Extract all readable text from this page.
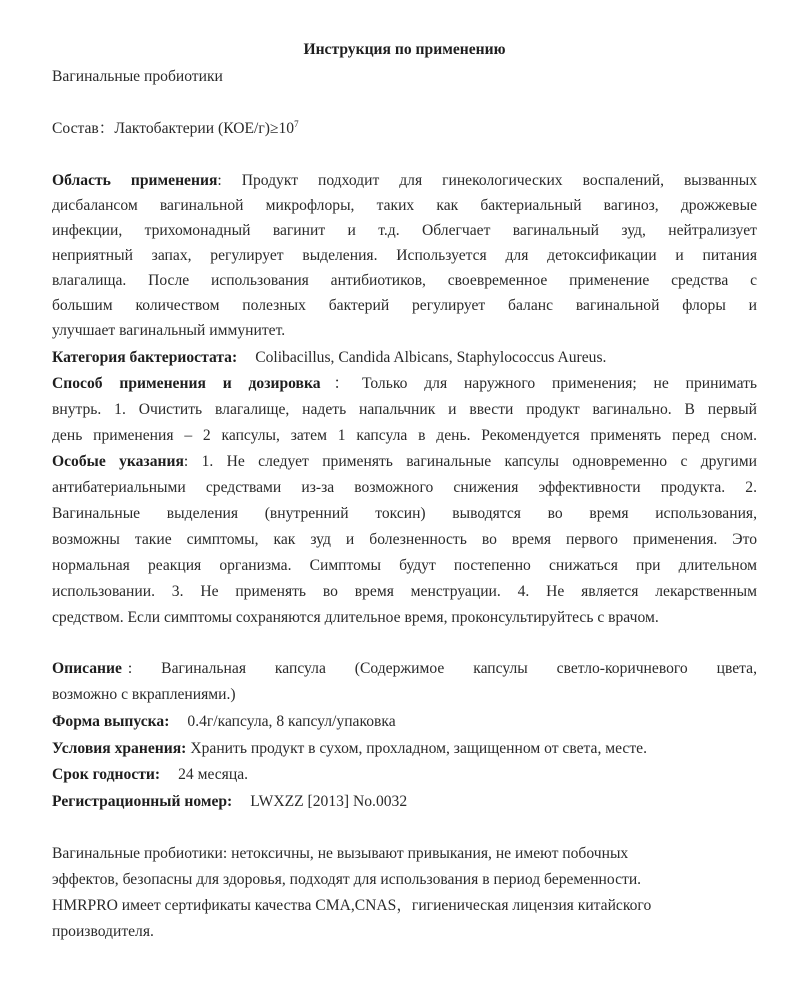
Инструкция по применению
Вагинальные пробиотики
Состав：Лактобактерии $(КОЕ/г)\ge 10^7$
Область применения: Продукт подходит для гинекологических воспалений, вызванных
дисбалансом вагинальной микрофлоры, таких как бактериальный вагиноз, дрожжевые
инфекции, трихомонадный вагинит и т.д. Облегчает вагинальный зуд, нейтрализует
неприятный запах, регулирует выделения. Используется для детоксификации и питания
влагалища. После использования антибиотиков, своевременное применение средства с
большим количеством полезных бактерий регулирует баланс вагинальной флоры и
улучшает вагинальный иммунитет.
Категория бактериостата: Colibacillus, Candida Albicans, Staphylococcus Aureus.
Способ применения и дозировка：Только для наружного применения; не принимать
внутрь. 1. Очистить влагалище, надеть напальчник и ввести продукт вагинально. В первый
день применения – 2 капсулы, затем 1 капсула в день. Рекомендуется применять перед сном.
Особые указания: 1. Не следует применять вагинальные капсулы одновременно с другими
антибатериальными средствами из-за возможного снижения эффективности продукта. 2.
Вагинальные выделения (внутренний токсин) выводятся во время использования,
возможны такие симптомы, как зуд и болезненность во время первого применения. Это
нормальная реакция организма. Симптомы будут постепенно снижаться при длительном
использовании. 3. Не применять во время менструации. 4. Не является лекарственным
средством. Если симптомы сохраняются длительное время, проконсультируйтесь с врачом.
Описание : Вагинальная капсула (Содержимое капсулы светло-коричневого цвета,
возможно с вкраплениями.)
Форма выпуска: 0.4г/капсула, 8 капсул/упаковка
Условия хранения: Хранить продукт в сухом, прохладном, защищенном от света, месте.
Срок годности: 24 месяца.
Регистрационный номер: LWXZZ [2013] No.0032
Вагинальные пробиотики: нетоксичны, не вызывают привыкания, не имеют побочных
эффектов, безопасны для здоровья, подходят для использования в период беременности.
HMRPRO имеет сертификаты качества CMA,CNAS，гигиеническая лицензия китайского
производителя.
